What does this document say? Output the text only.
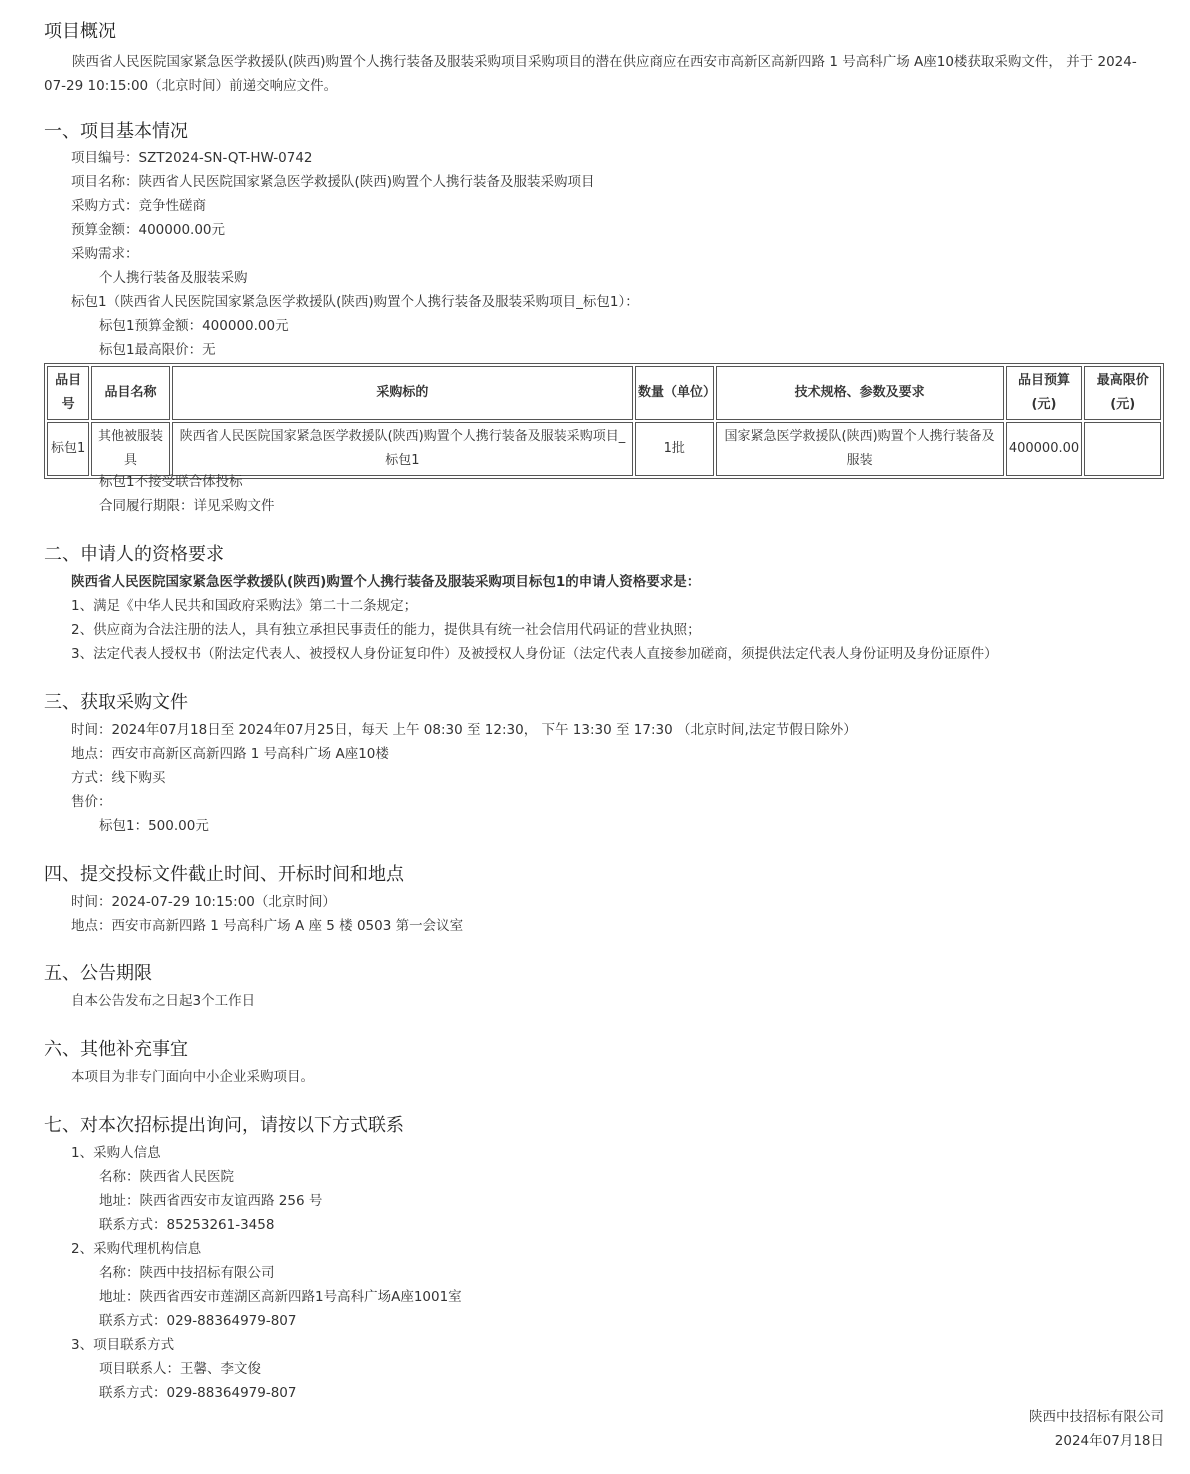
项目概况
陕西省人民医院国家紧急医学救援队(陕西)购置个人携行装备及服装采购项目采购项目的潜在供应商应在西安市高新区高新四路 1 号高科广场 A座10楼获取采购文件， 并于 2024-07-29 10:15:00（北京时间）前递交响应文件。
一、项目基本情况
项目编号：SZT2024-SN-QT-HW-0742
项目名称：陕西省人民医院国家紧急医学救援队(陕西)购置个人携行装备及服装采购项目
采购方式：竞争性磋商
预算金额：400000.00元
采购需求：
个人携行装备及服装采购
标包1（陕西省人民医院国家紧急医学救援队(陕西)购置个人携行装备及服装采购项目_标包1）：
标包1预算金额：400000.00元
标包1最高限价：无
品目号	品目名称	采购标的	数量（单位）	技术规格、参数及要求	品目预算(元)	最高限价(元)
标包1	其他被服装具	陕西省人民医院国家紧急医学救援队(陕西)购置个人携行装备及服装采购项目_标包1	1批	国家紧急医学救援队(陕西)购置个人携行装备及服装	400000.00	
标包1不接受联合体投标
合同履行期限：详见采购文件
二、申请人的资格要求
陕西省人民医院国家紧急医学救援队(陕西)购置个人携行装备及服装采购项目标包1的申请人资格要求是：
1、满足《中华人民共和国政府采购法》第二十二条规定；
2、供应商为合法注册的法人，具有独立承担民事责任的能力，提供具有统一社会信用代码证的营业执照；
3、法定代表人授权书（附法定代表人、被授权人身份证复印件）及被授权人身份证（法定代表人直接参加磋商，须提供法定代表人身份证明及身份证原件）
三、获取采购文件
时间：2024年07月18日至 2024年07月25日，每天 上午 08:30 至 12:30， 下午 13:30 至 17:30 （北京时间,法定节假日除外）
地点：西安市高新区高新四路 1 号高科广场 A座10楼
方式：线下购买
售价：
标包1：500.00元
四、提交投标文件截止时间、开标时间和地点
时间：2024-07-29 10:15:00（北京时间）
地点：西安市高新四路 1 号高科广场 A 座 5 楼 0503 第一会议室
五、公告期限
自本公告发布之日起3个工作日
六、其他补充事宜
本项目为非专门面向中小企业采购项目。
七、对本次招标提出询问，请按以下方式联系
1、采购人信息
名称：陕西省人民医院
地址：陕西省西安市友谊西路 256 号
联系方式：85253261-3458
2、采购代理机构信息
名称：陕西中技招标有限公司
地址：陕西省西安市莲湖区高新四路1号高科广场A座1001室
联系方式：029-88364979-807
3、项目联系方式
项目联系人：王馨、李文俊
联系方式：029-88364979-807
陕西中技招标有限公司
2024年07月18日
